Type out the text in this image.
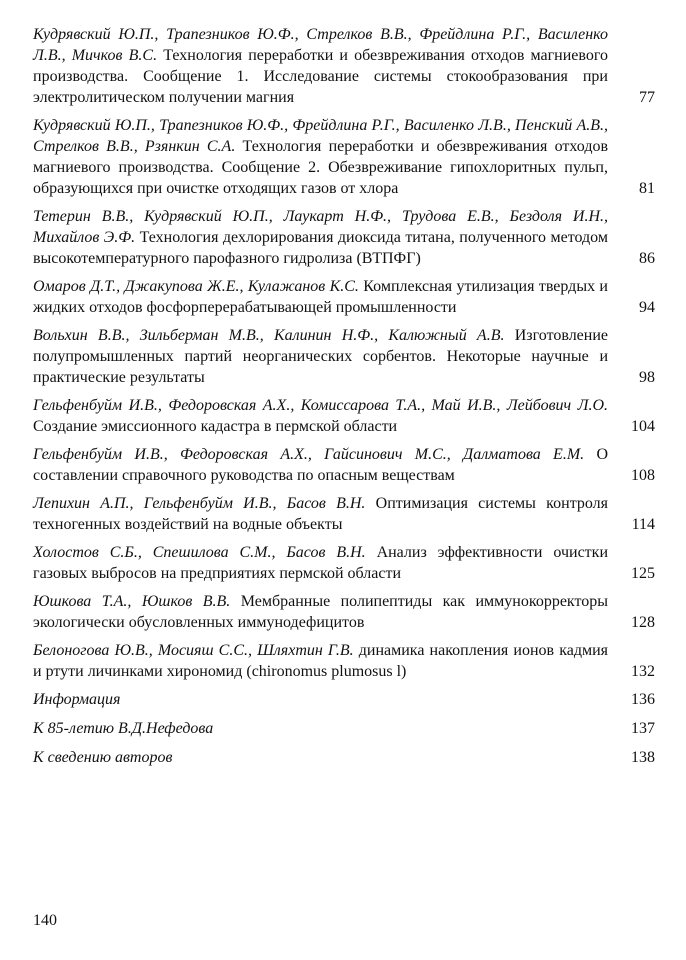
Кудрявский Ю.П., Трапезников Ю.Ф., Стрелков В.В., Фрейдлина Р.Г., Василенко Л.В., Мичков В.С. Технология переработки и обезвреживания отходов магниевого производства. Сообщение 1. Исследование системы стокообразования при электролитическом получении магния	77
Кудрявский Ю.П., Трапезников Ю.Ф., Фрейдлина Р.Г., Василенко Л.В., Пенский А.В., Стрелков В.В., Рзянкин С.А. Технология переработки и обезвреживания отходов магниевого производства. Сообщение 2. Обезвреживание гипохлоритных пульп, образующихся при очистке отходящих газов от хлора	81
Тетерин В.В., Кудрявский Ю.П., Лаукарт Н.Ф., Трудова Е.В., Бездоля И.Н., Михайлов Э.Ф. Технология дехлорирования диоксида титана, полученного методом высокотемпературного парофазного гидролиза (ВТПФГ)	86
Омаров Д.Т., Джакупова Ж.Е., Кулажанов К.С. Комплексная утилизация твердых и жидких отходов фосфорперерабатывающей промышленности	94
Вольхин В.В., Зильберман М.В., Калинин Н.Ф., Калюжный А.В. Изготовление полупромышленных партий неорганических сорбентов. Некоторые научные и практические результаты	98
Гельфенбуйм И.В., Федоровская А.Х., Комиссарова Т.А., Май И.В., Лейбович Л.О. Создание эмиссионного кадастра в пермской области	104
Гельфенбуйм И.В., Федоровская А.Х., Гайсинович М.С., Далматова Е.М. О составлении справочного руководства по опасным веществам	108
Лепихин А.П., Гельфенбуйм И.В., Басов В.Н. Оптимизация системы контроля техногенных воздействий на водные объекты	114
Холостов С.Б., Спешилова С.М., Басов В.Н. Анализ эффективности очистки газовых выбросов на предприятиях пермской области	125
Юшкова Т.А., Юшков В.В. Мембранные полипептиды как иммунокорректоры экологически обусловленных иммунодефицитов	128
Белоногова Ю.В., Мосияш С.С., Шляхтин Г.В. динамика накопления ионов кадмия и ртути личинками хирономид (chironomus plumosus l)	132
Информация	136
К 85-летию В.Д.Нефедова	137
К сведению авторов	138
140
